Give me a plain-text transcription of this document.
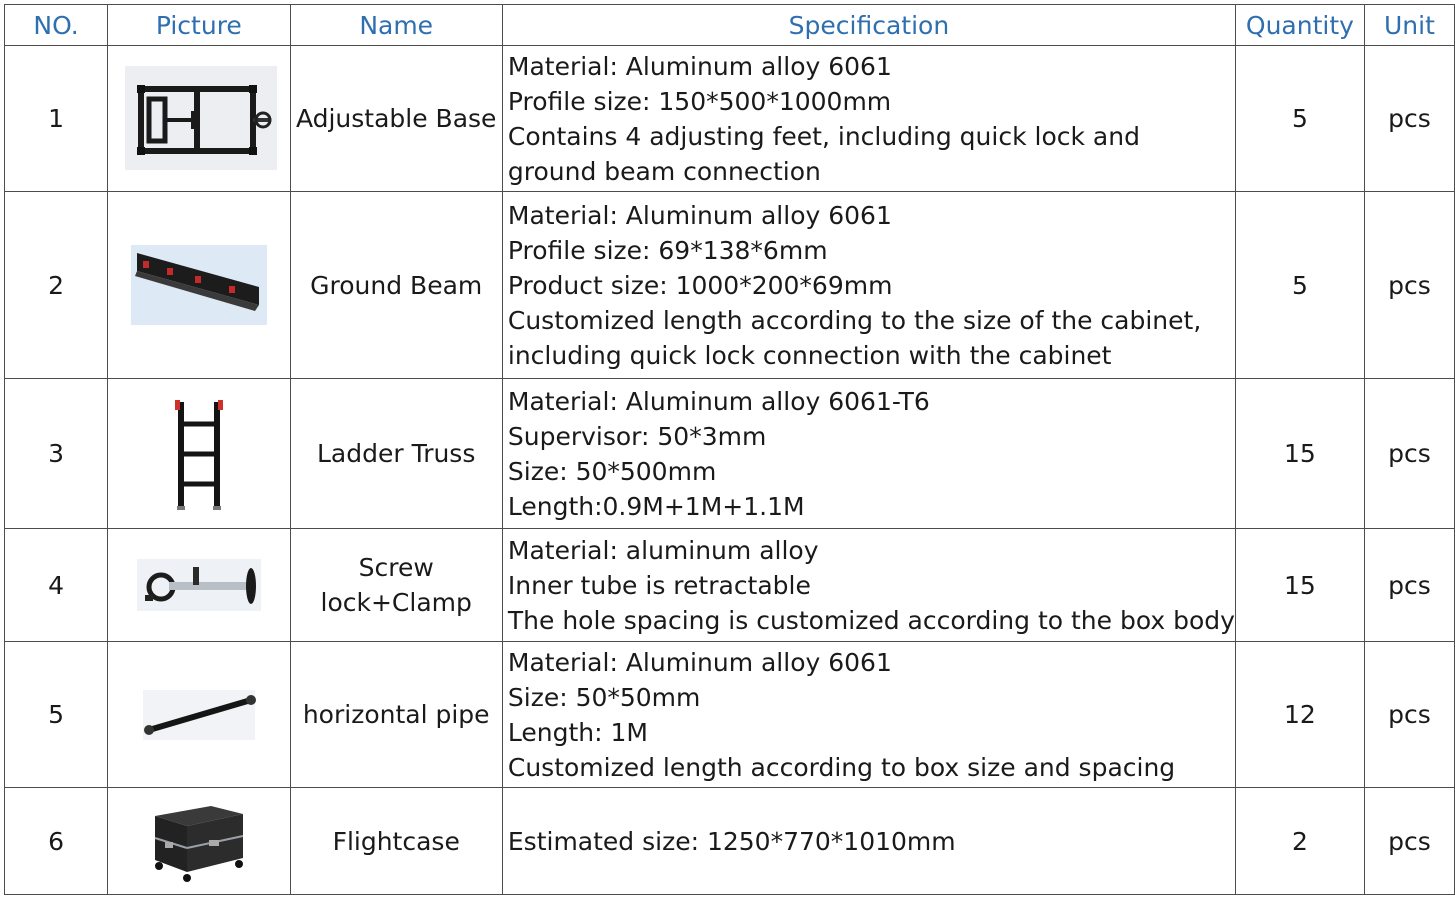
NO.	Picture	Name	Specification	Quantity	Unit
1		Adjustable Base	Material: Aluminum alloy 6061
Profile size: 150*500*1000mm
Contains 4 adjusting feet, including quick lock and ground beam connection	5	pcs
2		Ground Beam	Material: Aluminum alloy 6061
Profile size: 69*138*6mm
Product size: 1000*200*69mm
Customized length according to the size of the cabinet, including quick lock connection with the cabinet	5	pcs
3		Ladder Truss	Material: Aluminum alloy 6061-T6
Supervisor: 50*3mm
Size: 50*500mm
Length:0.9M+1M+1.1M	15	pcs
4		Screw lock+Clamp	Material: aluminum alloy
Inner tube is retractable
The hole spacing is customized according to the box body	15	pcs
5		horizontal pipe	Material: Aluminum alloy 6061
Size: 50*50mm
Length: 1M
Customized length according to box size and spacing	12	pcs
6		Flightcase	Estimated size: 1250*770*1010mm	2	pcs
